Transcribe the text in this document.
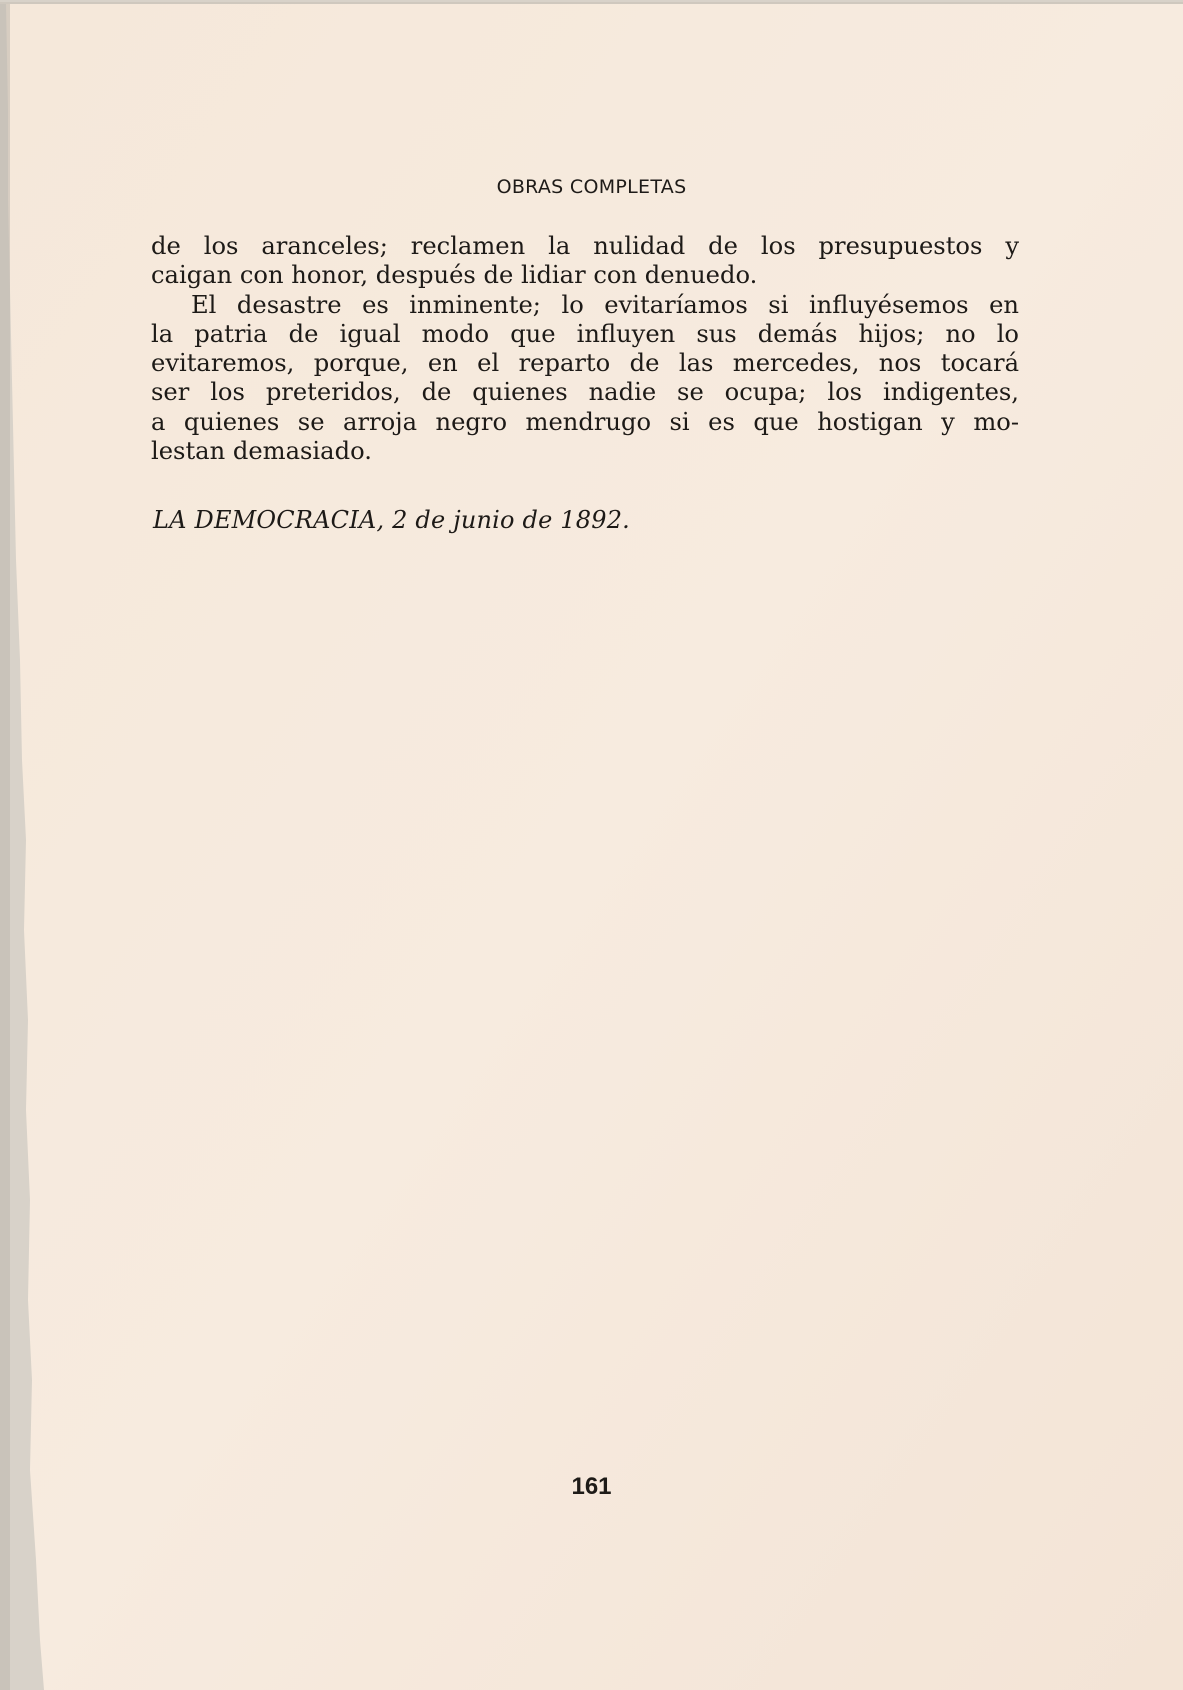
OBRAS COMPLETAS
de los aranceles; reclamen la nulidad de los presupuestos y
caigan con honor, después de lidiar con denuedo.
El desastre es inminente; lo evitaríamos si influyésemos en
la patria de igual modo que influyen sus demás hijos; no lo
evitaremos, porque, en el reparto de las mercedes, nos tocará
ser los preteridos, de quienes nadie se ocupa; los indigentes,
a quienes se arroja negro mendrugo si es que hostigan y mo-
lestan demasiado.
LA DEMOCRACIA, 2 de junio de 1892.
161
